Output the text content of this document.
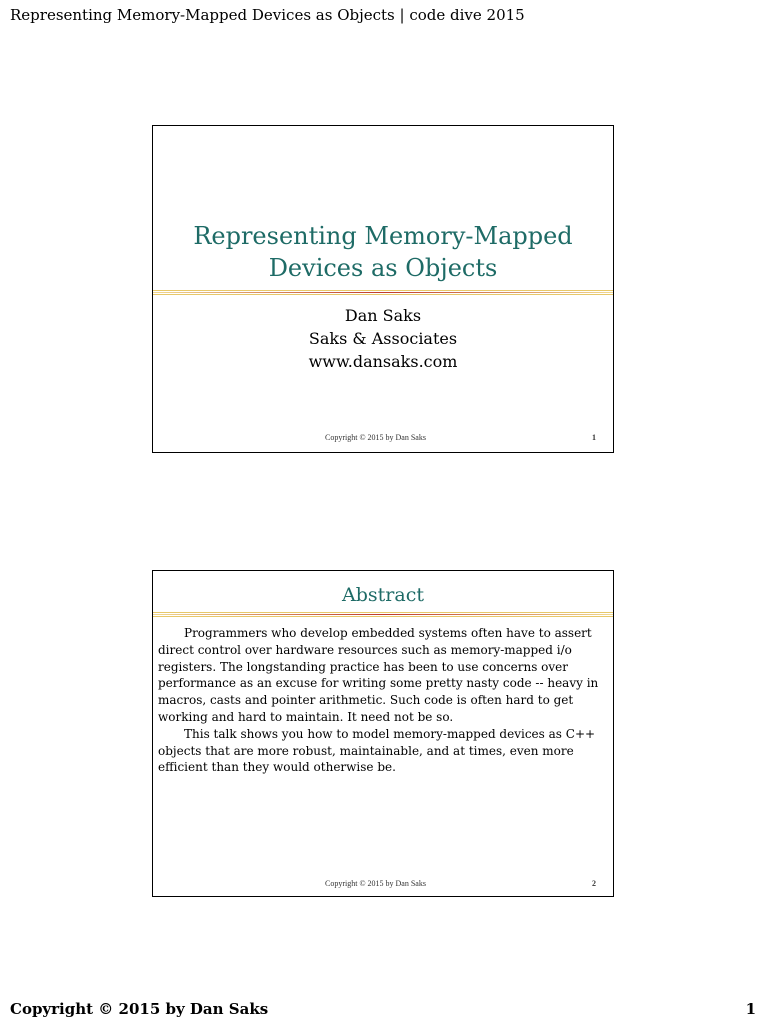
Representing Memory-Mapped Devices as Objects | code dive 2015
Representing Memory-Mapped
Devices as Objects
Dan Saks
Saks & Associates
www.dansaks.com
Copyright © 2015 by Dan Saks	1
Abstract

Programmers who develop embedded systems often have to assert direct control over hardware resources such as memory-mapped i/o registers. The longstanding practice has been to use concerns over performance as an excuse for writing some pretty nasty code -- heavy in macros, casts and pointer arithmetic. Such code is often hard to get working and hard to maintain. It need not be so.

This talk shows you how to model memory-mapped devices as C++ objects that are more robust, maintainable, and at times, even more efficient than they would otherwise be.

Copyright © 2015 by Dan Saks	2
Copyright © 2015 by Dan Saks	1
